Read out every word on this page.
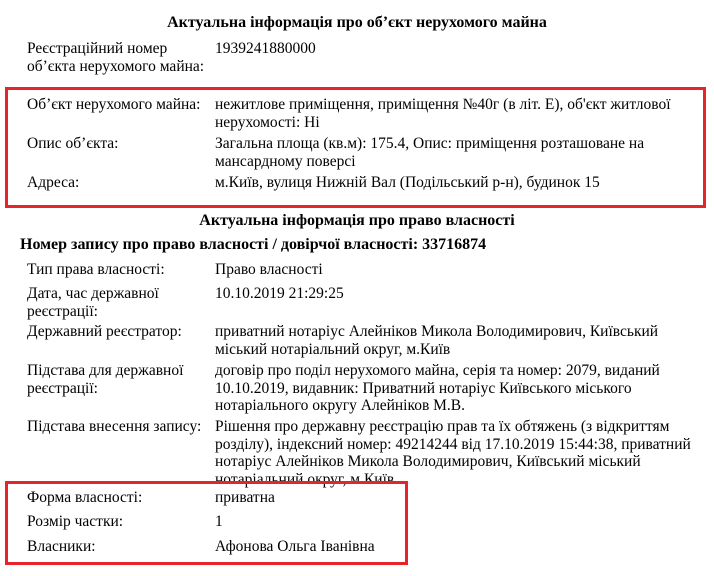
Актуальна інформація про об’єкт нерухомого майна
Реєстраційний номер об’єкта нерухомого майна:
1939241880000
Об’єкт нерухомого майна: нежитлове приміщення, приміщення №40г (в літ. Е), об'єкт житлової нерухомості: Ні
Опис об’єкта:	Загальна площа (кв.м): 175.4, Опис: приміщення розташоване на мансардному поверсі
Адреса:	м.Київ, вулиця Нижній Вал (Подільський р-н), будинок 15
Актуальна інформація про право власності
Номер запису про право власності / довірчої власності: 33716874
Тип права власності:	Право власності
Дата, час державної реєстрації:
10.10.2019 21:29:25
Державний реєстратор:	приватний нотаріус Алейніков Микола Володимирович, Київський міський нотаріальний округ, м.Київ
Підстава для державної реєстрації:
договір про поділ нерухомого майна, серія та номер: 2079, виданий 10.10.2019, видавник: Приватний нотаріус Київського міського нотаріального округу Алейніков М.В.
Підстава внесення запису: Рішення про державну реєстрацію прав та їх обтяжень (з відкриттям розділу), індексний номер: 49214244 від 17.10.2019 15:44:38, приватний нотаріус Алейніков Микола Володимирович, Київський міський нотаріальний округ, м.Київ
Форма власності:	приватна
Розмір частки:	1
Власники:	Афонова Ольга Іванівна
